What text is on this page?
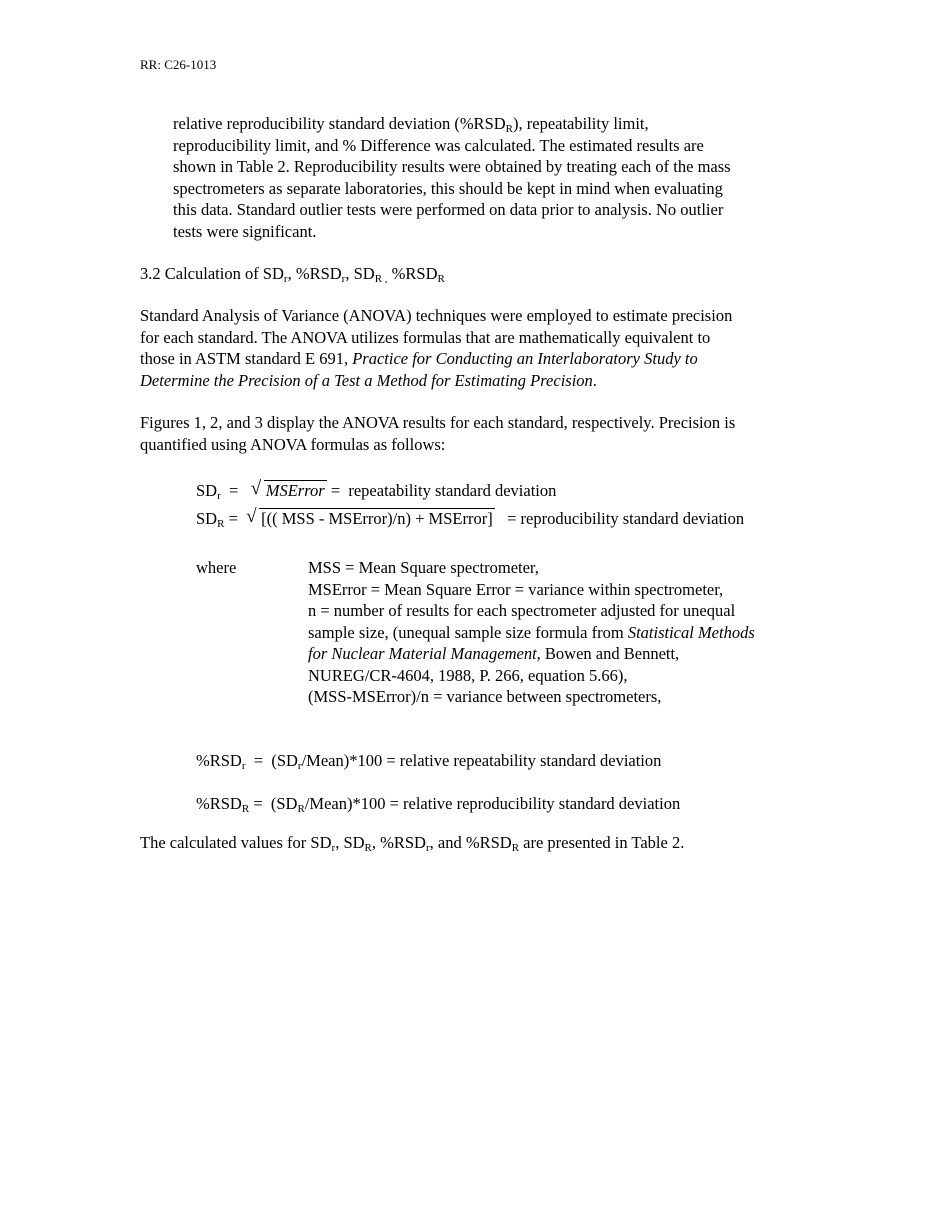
RR: C26-1013
relative reproducibility standard deviation $(\%RSD_R)$, repeatability limit,
reproducibility limit, and % Difference was calculated. The estimated results are
shown in Table 2. Reproducibility results were obtained by treating each of the mass
spectrometers as separate laboratories, this should be kept in mind when evaluating
this data. Standard outlier tests were performed on data prior to analysis. No outlier
tests were significant.
3.2 Calculation of $SD_r$, $\%RSD_r$, $SD_{R ,}$ $\%RSD_R$
Standard Analysis of Variance (ANOVA) techniques were employed to estimate precision
for each standard. The ANOVA utilizes formulas that are mathematically equivalent to
those in ASTM standard E 691, Practice for Conducting an Interlaboratory Study to
Determine the Precision of a Test a Method for Estimating Precision.
Figures 1, 2, and 3 display the ANOVA results for each standard, respectively. Precision is
quantified using ANOVA formulas as follows:
$SD_r$  = √ MSError =  repeatability standard deviation
$SD_R$ = √ [(( MSS - MSError)/n) + MSError]   = reproducibility standard deviation
where	MSS = Mean Square spectrometer,
MSError = Mean Square Error = variance within spectrometer,
n = number of results for each spectrometer adjusted for unequal
sample size, (unequal sample size formula from Statistical Methods
for Nuclear Material Management, Bowen and Bennett,
NUREG/CR-4604, 1988, P. 266, equation 5.66),
(MSS-MSError)/n = variance between spectrometers,
$\%RSD_r$  =  $(SD_r/Mean)*100$ = relative repeatability standard deviation
$\%RSD_R$ =  $(SD_R/Mean)*100$ = relative reproducibility standard deviation
The calculated values for $SD_r$, $SD_R$, $\%RSD_r$, and $\%RSD_R$ are presented in Table 2.
